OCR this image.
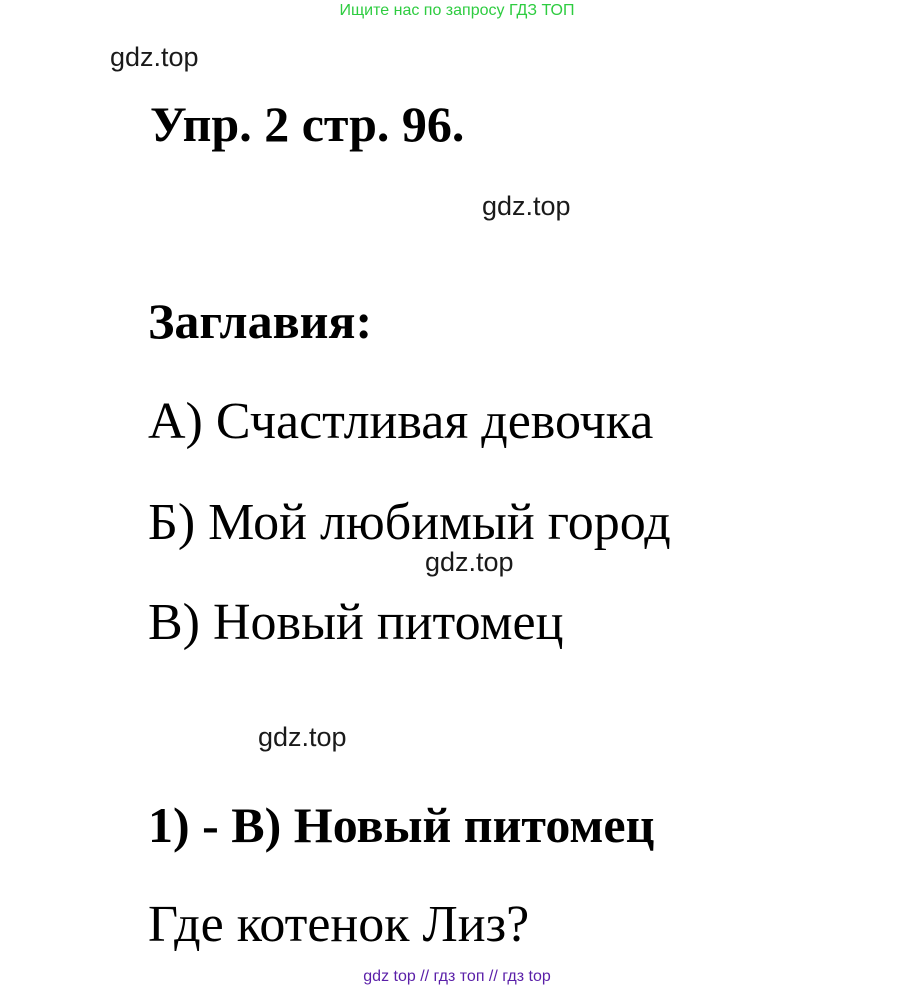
Ищите нас по запросу ГДЗ ТОП
gdz.top
Упр. 2 стр. 96.
gdz.top
Заглавия:
А) Счастливая девочка
Б) Мой любимый город
gdz.top
В) Новый питомец
gdz.top
1) - В) Новый питомец
Где котенок Лиз?
gdz top // гдз топ // гдз top
